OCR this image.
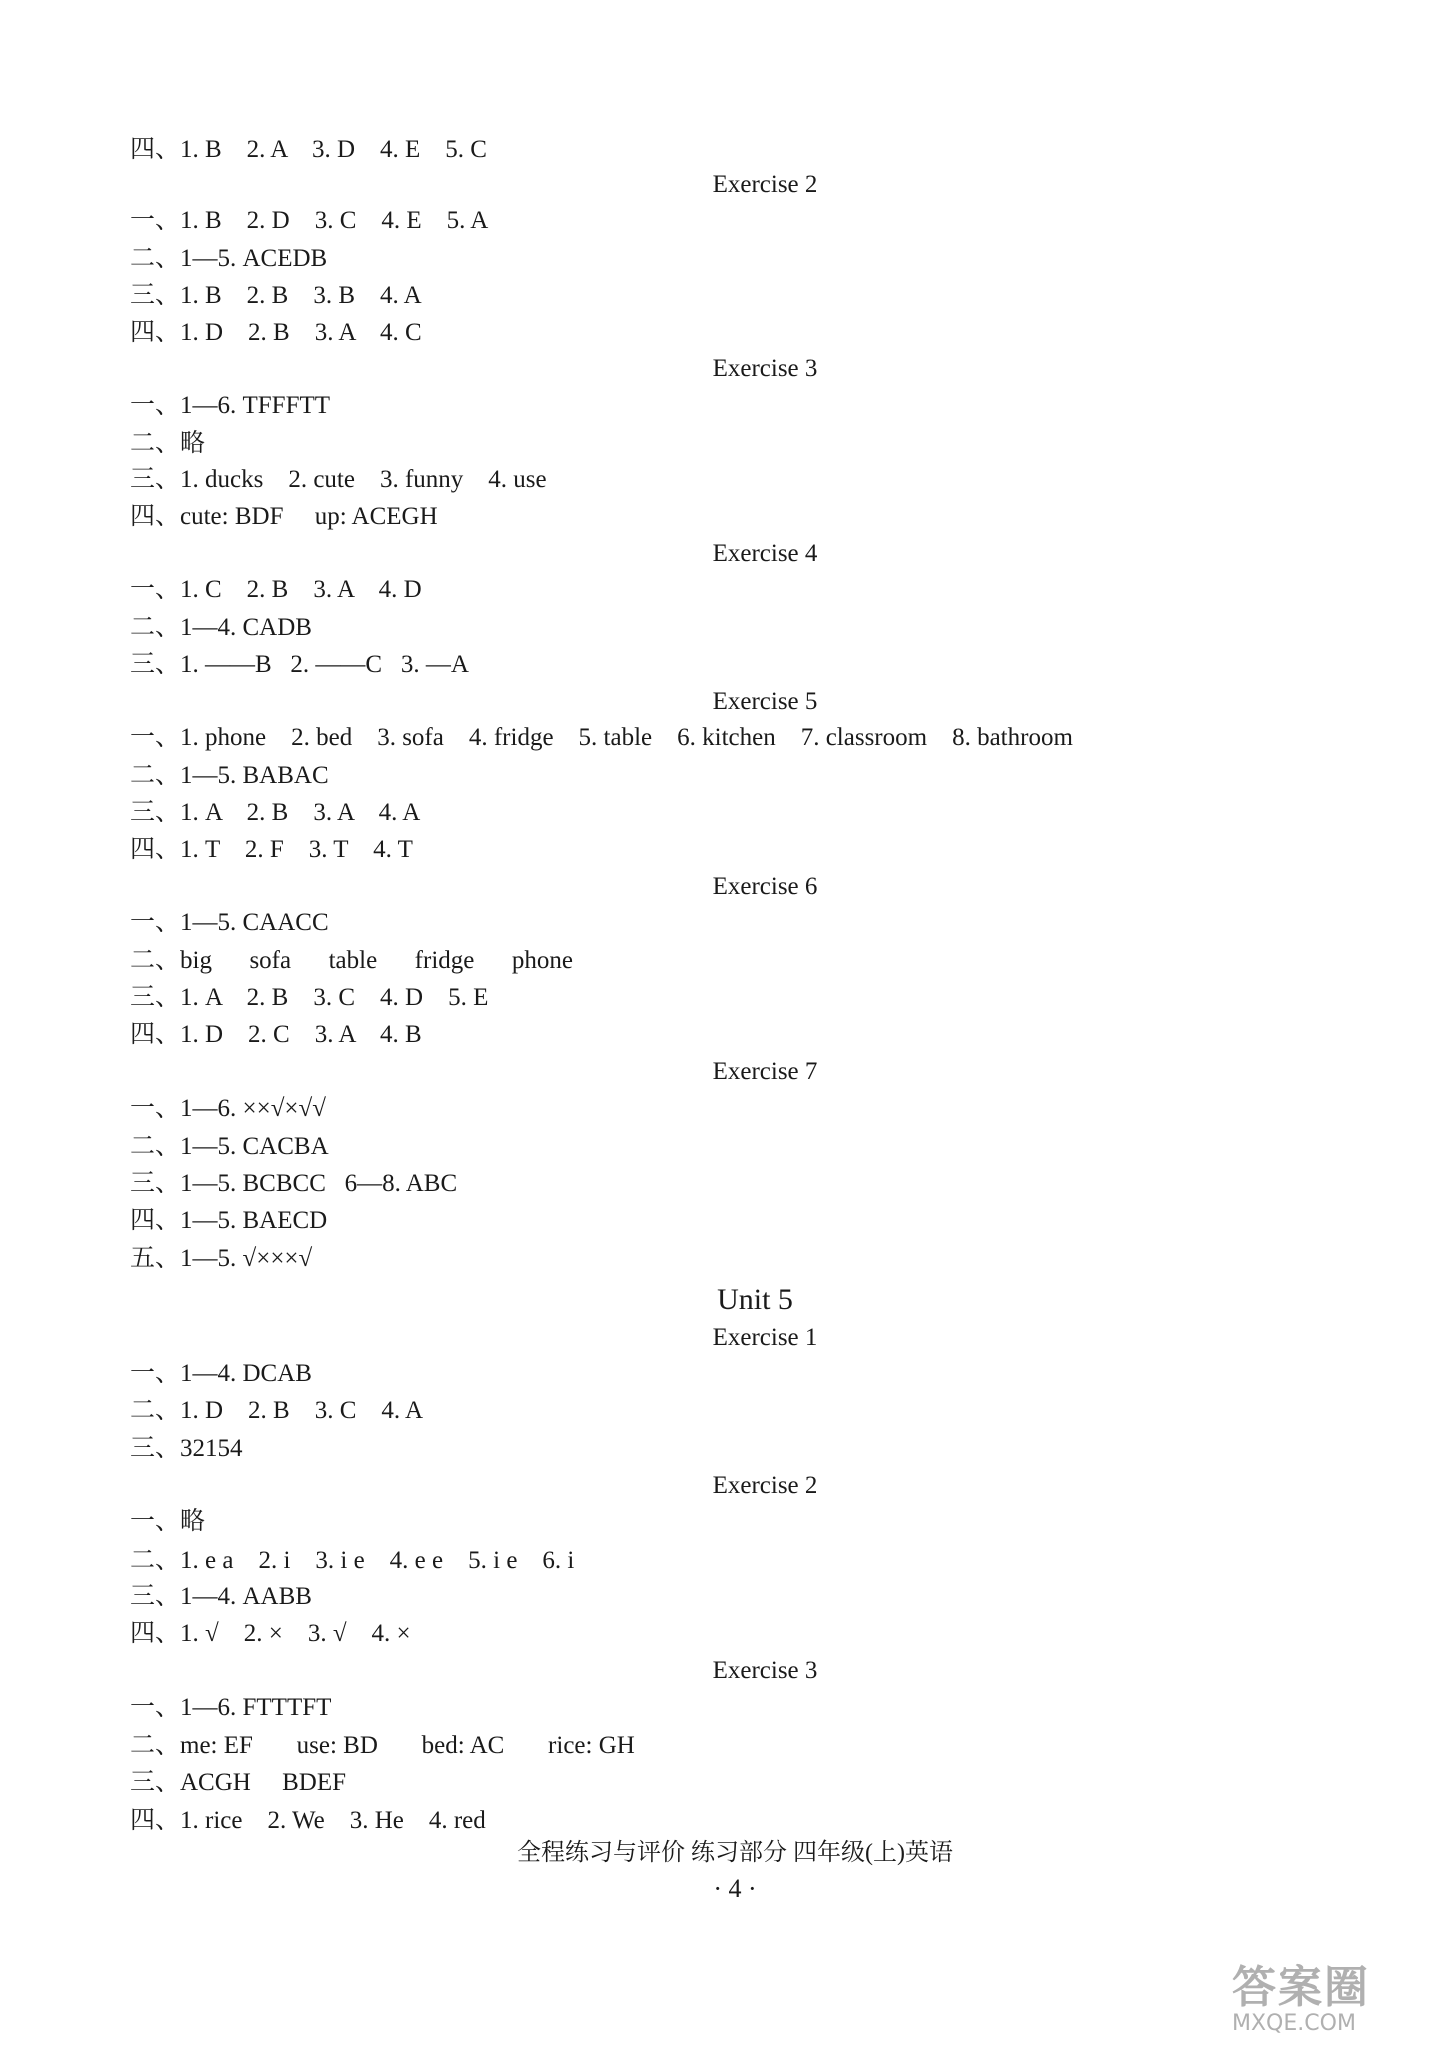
四、1. B    2. A    3. D    4. E    5. C
Exercise 2
一、1. B    2. D    3. C    4. E    5. A
二、1—5. ACEDB
三、1. B    2. B    3. B    4. A
四、1. D    2. B    3. A    4. C
Exercise 3
一、1—6. TFFFTT
二、略
三、1. ducks    2. cute    3. funny    4. use
四、cute: BDF     up: ACEGH
Exercise 4
一、1. C    2. B    3. A    4. D
二、1—4. CADB
三、1. ——B   2. ——C   3. —A
Exercise 5
一、1. phone    2. bed    3. sofa    4. fridge    5. table    6. kitchen    7. classroom    8. bathroom
二、1—5. BABAC
三、1. A    2. B    3. A    4. A
四、1. T    2. F    3. T    4. T
Exercise 6
一、1—5. CAACC
二、big      sofa      table      fridge      phone
三、1. A    2. B    3. C    4. D    5. E
四、1. D    2. C    3. A    4. B
Exercise 7
一、1—6. ××√×√√
二、1—5. CACBA
三、1—5. BCBCC   6—8. ABC
四、1—5. BAECD
五、1—5. √×××√
Unit 5
Exercise 1
一、1—4. DCAB
二、1. D    2. B    3. C    4. A
三、32154
Exercise 2
一、略
二、1. e a    2. i    3. i e    4. e e    5. i e    6. i
三、1—4. AABB
四、1. √    2. ×    3. √    4. ×
Exercise 3
一、1—6. FTTTFT
二、me: EF       use: BD       bed: AC       rice: GH
三、ACGH     BDEF
四、1. rice    2. We    3. He    4. red
全程练习与评价 练习部分 四年级(上)英语
· 4 ·
答案圈
MXQE.COM
